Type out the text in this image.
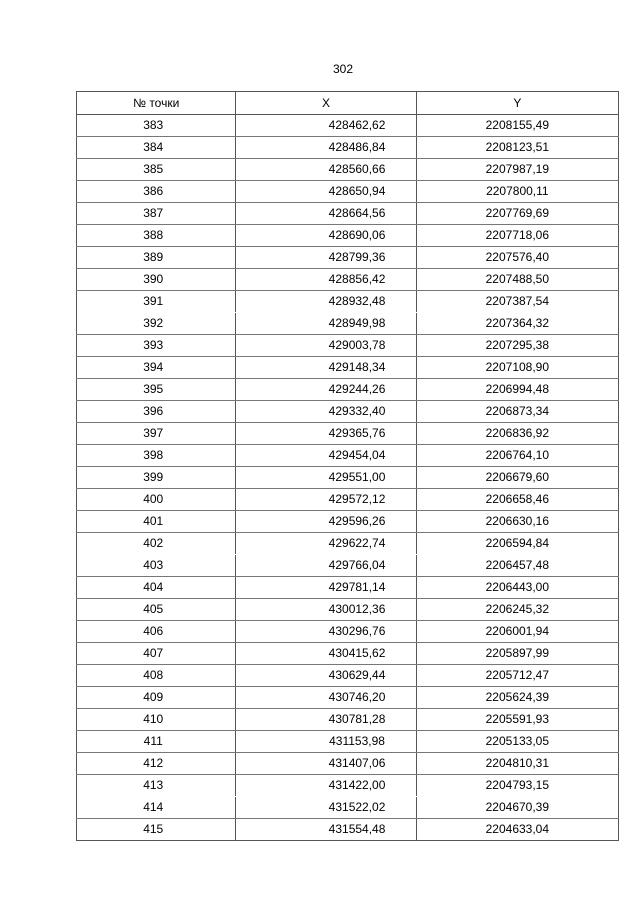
302
№ точки	X	Y
383	428462,62	2208155,49
384	428486,84	2208123,51
385	428560,66	2207987,19
386	428650,94	2207800,11
387	428664,56	2207769,69
388	428690,06	2207718,06
389	428799,36	2207576,40
390	428856,42	2207488,50
391	428932,48	2207387,54
392	428949,98	2207364,32
393	429003,78	2207295,38
394	429148,34	2207108,90
395	429244,26	2206994,48
396	429332,40	2206873,34
397	429365,76	2206836,92
398	429454,04	2206764,10
399	429551,00	2206679,60
400	429572,12	2206658,46
401	429596,26	2206630,16
402	429622,74	2206594,84
403	429766,04	2206457,48
404	429781,14	2206443,00
405	430012,36	2206245,32
406	430296,76	2206001,94
407	430415,62	2205897,99
408	430629,44	2205712,47
409	430746,20	2205624,39
410	430781,28	2205591,93
411	431153,98	2205133,05
412	431407,06	2204810,31
413	431422,00	2204793,15
414	431522,02	2204670,39
415	431554,48	2204633,04
